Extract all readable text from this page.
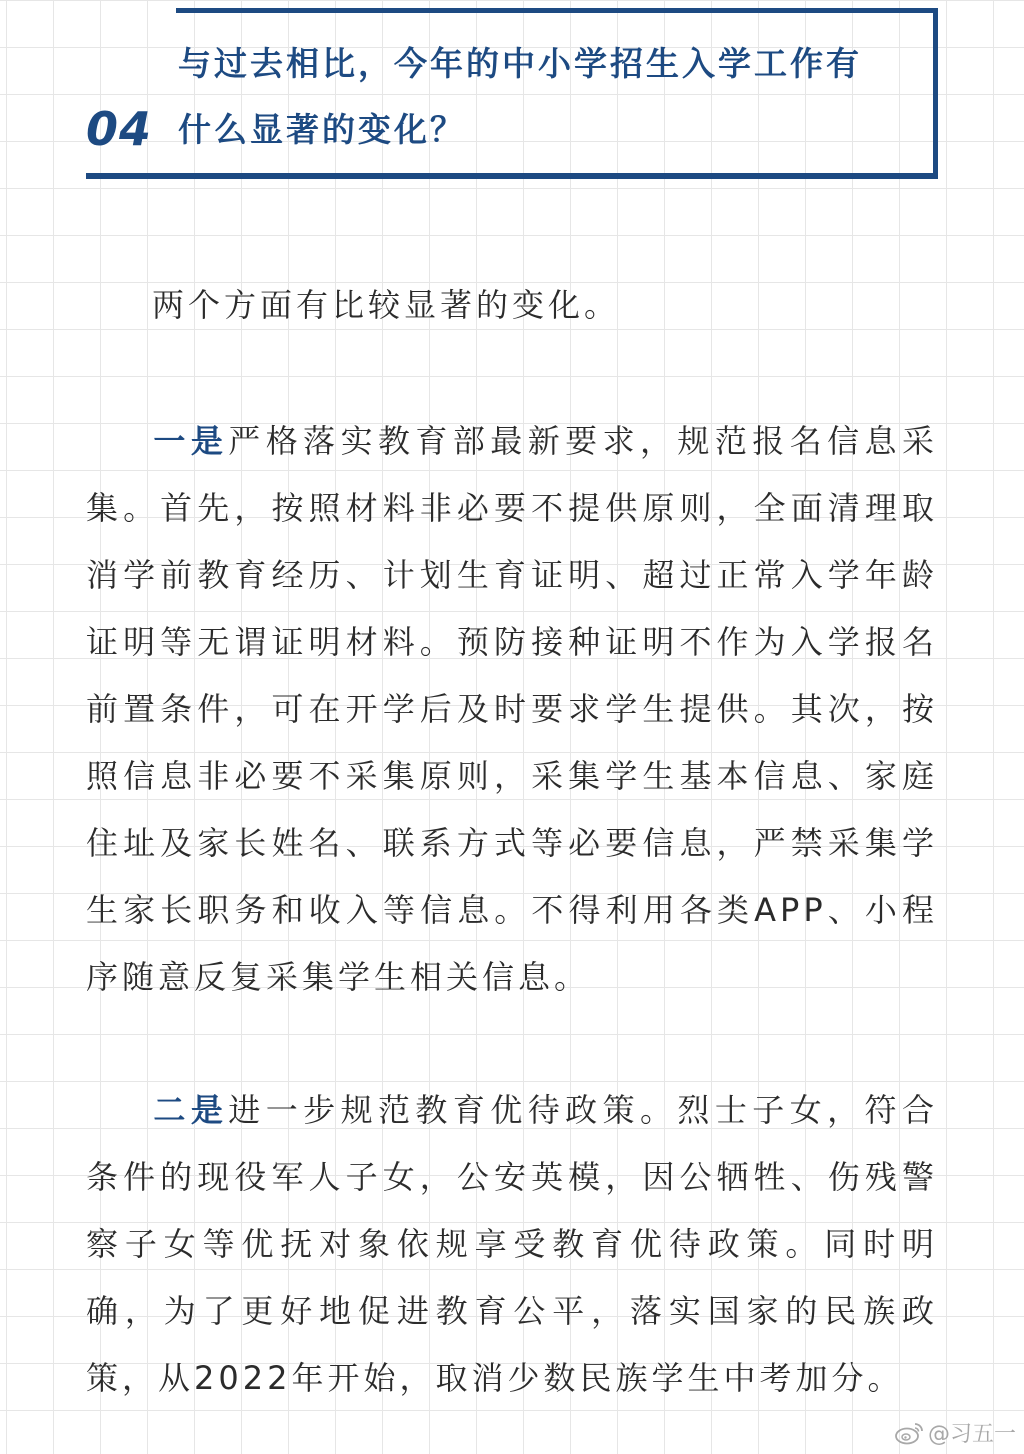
04
与过去相比，今年的中小学招生入学工作有
什么显著的变化？

两个方面有比较显著的变化。

一是严格落实教育部最新要求，规范报名信息采集。首先，按照材料非必要不提供原则，全面清理取消学前教育经历、计划生育证明、超过正常入学年龄证明等无谓证明材料。预防接种证明不作为入学报名前置条件，可在开学后及时要求学生提供。其次，按照信息非必要不采集原则，采集学生基本信息、家庭住址及家长姓名、联系方式等必要信息，严禁采集学生家长职务和收入等信息。不得利用各类APP、小程序随意反复采集学生相关信息。

二是进一步规范教育优待政策。烈士子女，符合条件的现役军人子女，公安英模，因公牺牲、伤残警察子女等优抚对象依规享受教育优待政策。同时明确，为了更好地促进教育公平，落实国家的民族政策，从2022年开始，取消少数民族学生中考加分。

@习五一
